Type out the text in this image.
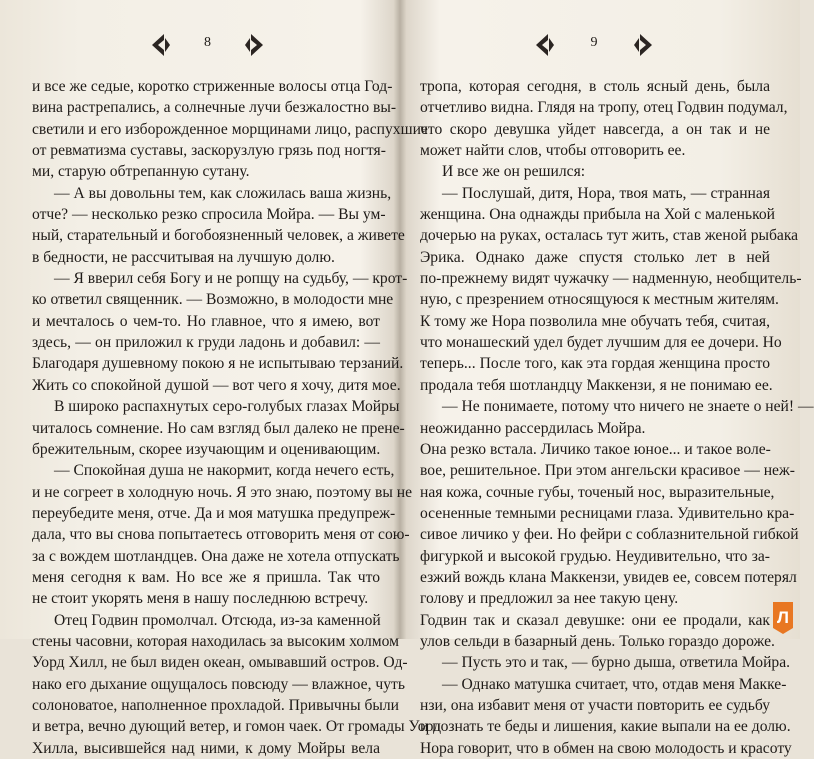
8	9
и все же седые, коротко стриженные волосы отца Год-
вина растрепались, а солнечные лучи безжалостно вы-
светили и его изборожденное морщинами лицо, распухшие
от ревматизма суставы, заскорузлую грязь под ногтя-
ми, старую обтрепанную сутану.
— А вы довольны тем, как сложилась ваша жизнь,
отче? — несколько резко спросила Мойра. — Вы ум-
ный, старательный и богобоязненный человек, а живете
в бедности, не рассчитывая на лучшую долю.
— Я вверил себя Богу и не ропщу на судьбу, — крот-
ко ответил священник. — Возможно, в молодости мне
и мечталось о чем-то. Но главное, что я имею, вот
здесь, — он приложил к груди ладонь и добавил: —
Благодаря душевному покою я не испытываю терзаний.
Жить со спокойной душой — вот чего я хочу, дитя мое.
В широко распахнутых серо-голубых глазах Мойры
читалось сомнение. Но сам взгляд был далеко не прене-
брежительным, скорее изучающим и оценивающим.
— Спокойная душа не накормит, когда нечего есть,
и не согреет в холодную ночь. Я это знаю, поэтому вы не
переубедите меня, отче. Да и моя матушка предупреж-
дала, что вы снова попытаетесь отговорить меня от сою-
за с вождем шотландцев. Она даже не хотела отпускать
меня сегодня к вам. Но все же я пришла. Так что
не стоит укорять меня в нашу последнюю встречу.
Отец Годвин промолчал. Отсюда, из-за каменной
стены часовни, которая находилась за высоким холмом
Уорд Хилл, не был виден океан, омывавший остров. Од-
нако его дыхание ощущалось повсюду — влажное, чуть
солоноватое, наполненное прохладой. Привычны были
и ветра, вечно дующий ветер, и гомон чаек. От громады Уорд
Хилла, высившейся над ними, к дому Мойры вела
тропа, которая сегодня, в столь ясный день, была
отчетливо видна. Глядя на тропу, отец Годвин подумал,
что скоро девушка уйдет навсегда, а он так и не
может найти слов, чтобы отговорить ее.
И все же он решился:
— Послушай, дитя, Нора, твоя мать, — странная
женщина. Она однажды прибыла на Хой с маленькой
дочерью на руках, осталась тут жить, став женой рыбака
Эрика. Однако даже спустя столько лет в ней
по-прежнему видят чужачку — надменную, необщитель-
ную, с презрением относящуюся к местным жителям.
К тому же Нора позволила мне обучать тебя, считая,
что монашеский удел будет лучшим для ее дочери. Но
теперь... После того, как эта гордая женщина просто
продала тебя шотландцу Маккензи, я не понимаю ее.
— Не понимаете, потому что ничего не знаете о ней! —
неожиданно рассердилась Мойра.
Она резко встала. Личико такое юное... и такое воле-
вое, решительное. При этом ангельски красивое — неж-
ная кожа, сочные губы, точеный нос, выразительные,
осененные темными ресницами глаза. Удивительно кра-
сивое личико у феи. Но фейри с соблазнительной гибкой
фигуркой и высокой грудью. Неудивительно, что за-
езжий вождь клана Маккензи, увидев ее, совсем потерял
голову и предложил за нее такую цену.
Годвин так и сказал девушке: они ее продали, как
улов сельди в базарный день. Только гораздо дороже.
— Пусть это и так, — бурно дыша, ответила Мойра.
— Однако матушка считает, что, отдав меня Макке-
нзи, она избавит меня от участи повторить ее судьбу
и познать те беды и лишения, какие выпали на ее долю.
Нора говорит, что в обмен на свою молодость и красоту
Л
